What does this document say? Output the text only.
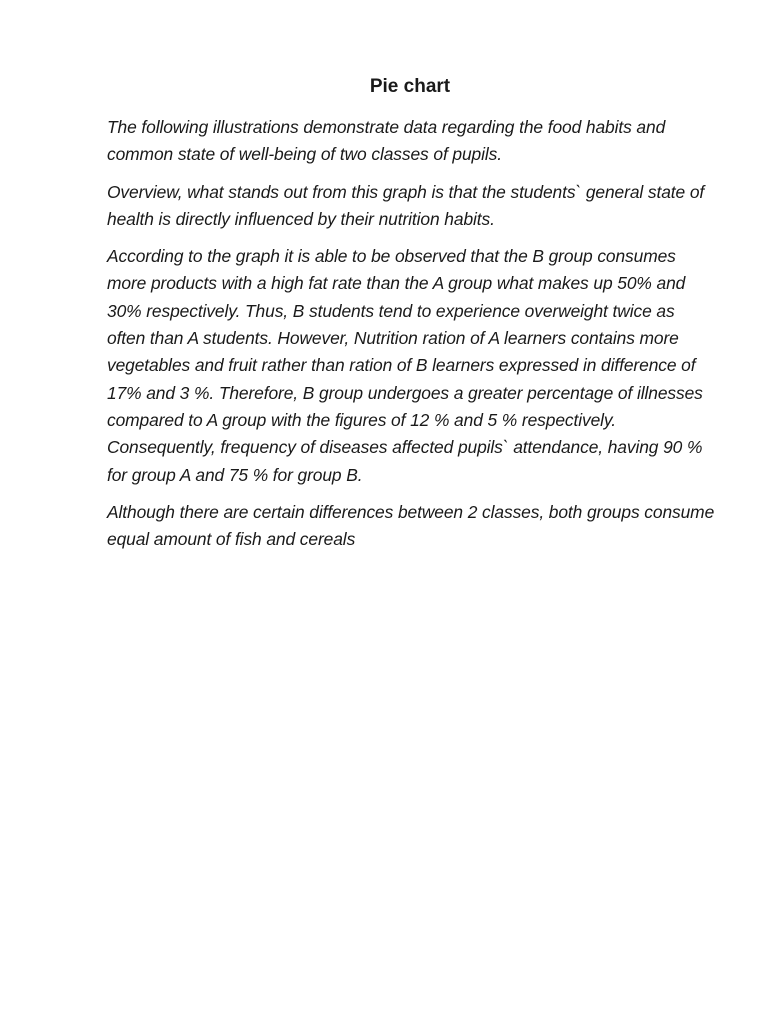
Pie chart

The following illustrations demonstrate data regarding the food habits and common state of well-being of two classes of pupils.

Overview, what stands out from this graph is that the students` general state of health is directly influenced by their nutrition habits.

According to the graph it is able to be observed that the B group consumes more products with a high fat rate than the A group what makes up 50% and 30% respectively. Thus, B students tend to experience overweight twice as often than A students. However, Nutrition ration of A learners contains more vegetables and fruit rather than ration of B learners expressed in difference of 17% and 3 %. Therefore, B group undergoes a greater percentage of illnesses compared to A group with the figures of 12 % and 5 % respectively. Consequently, frequency of diseases affected pupils` attendance, having 90 % for group A and 75 % for group B.

Although there are certain differences between 2 classes, both groups consume equal amount of fish and cereals
